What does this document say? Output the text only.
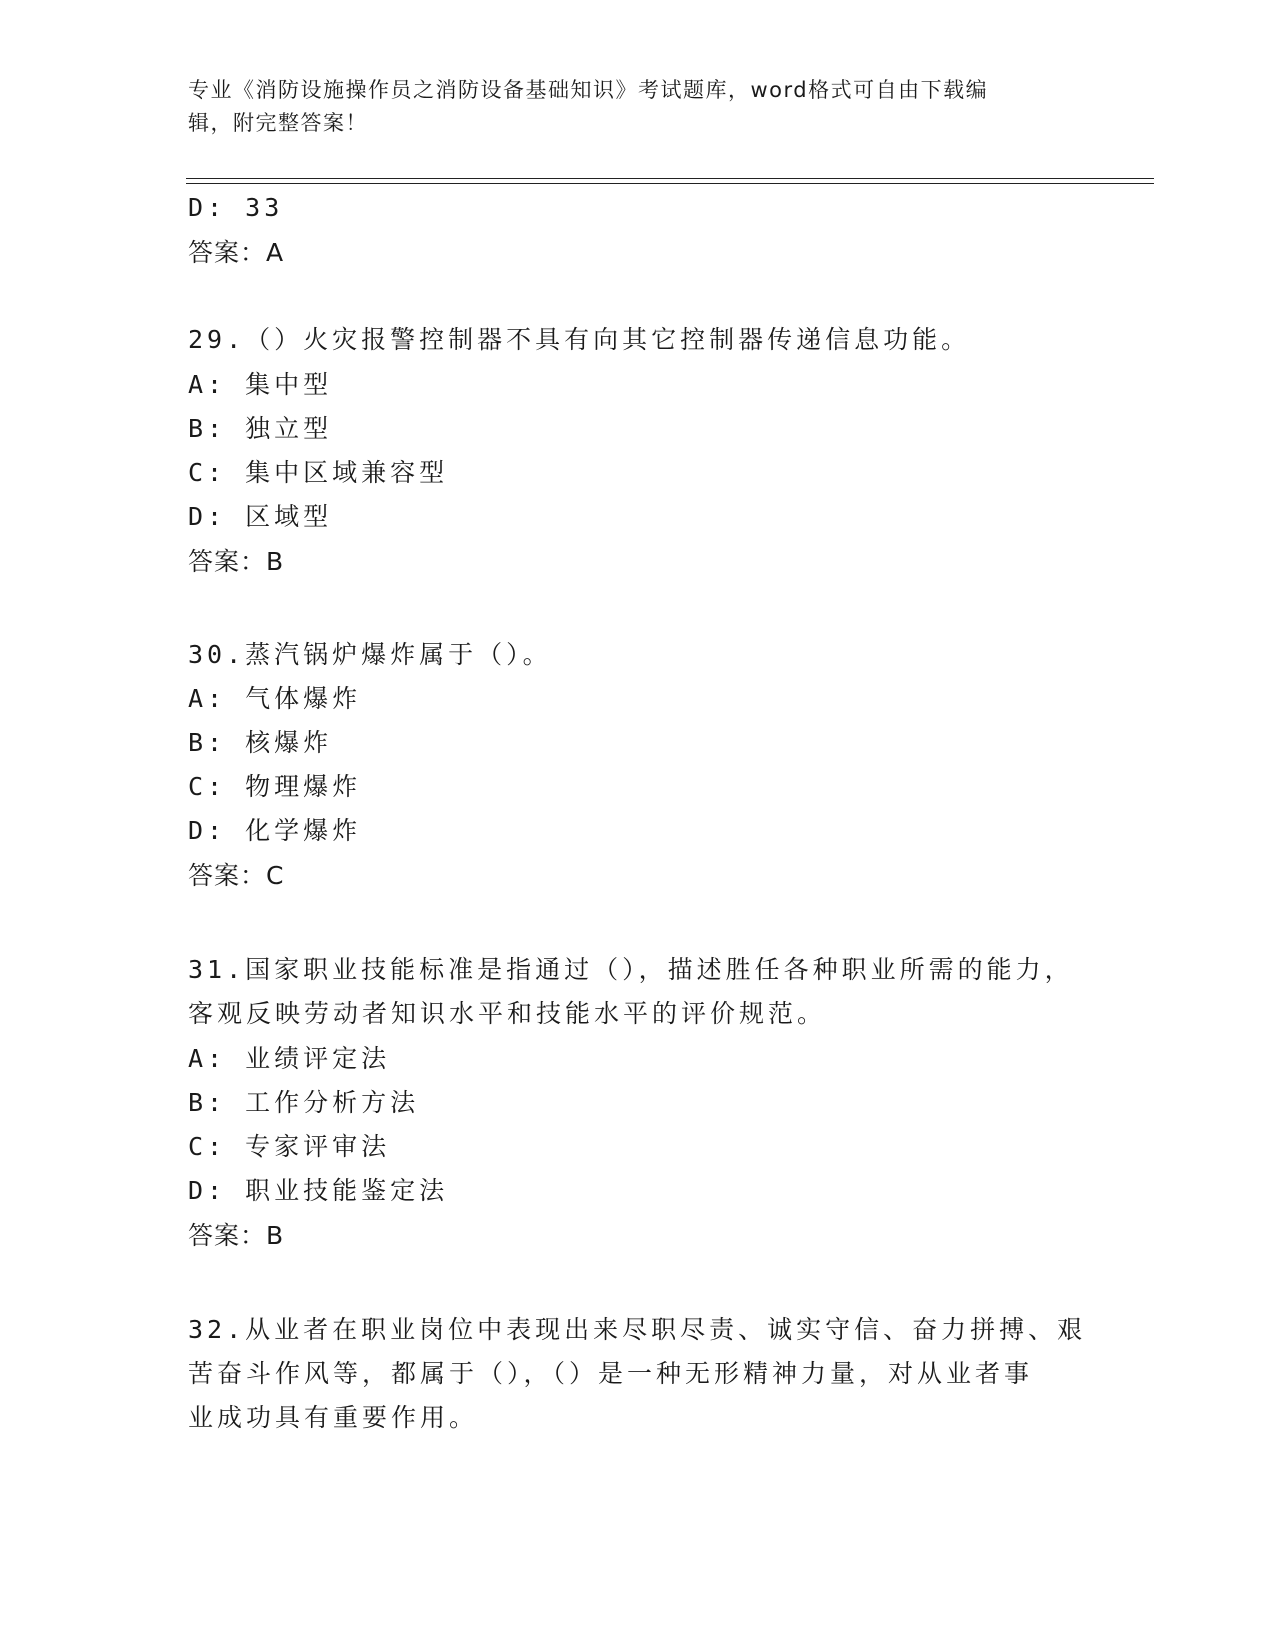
专业《消防设施操作员之消防设备基础知识》考试题库，word格式可自由下载编
辑，附完整答案！
D: 33
答案：A
29.（）火灾报警控制器不具有向其它控制器传递信息功能。
A: 集中型
B: 独立型
C: 集中区域兼容型
D: 区域型
答案：B
30.蒸汽锅炉爆炸属于（）。
A: 气体爆炸
B: 核爆炸
C: 物理爆炸
D: 化学爆炸
答案：C
31.国家职业技能标准是指通过（），描述胜任各种职业所需的能力，
客观反映劳动者知识水平和技能水平的评价规范。
A: 业绩评定法
B: 工作分析方法
C: 专家评审法
D: 职业技能鉴定法
答案：B
32.从业者在职业岗位中表现出来尽职尽责、诚实守信、奋力拼搏、艰
苦奋斗作风等，都属于（），（）是一种无形精神力量，对从业者事
业成功具有重要作用。
